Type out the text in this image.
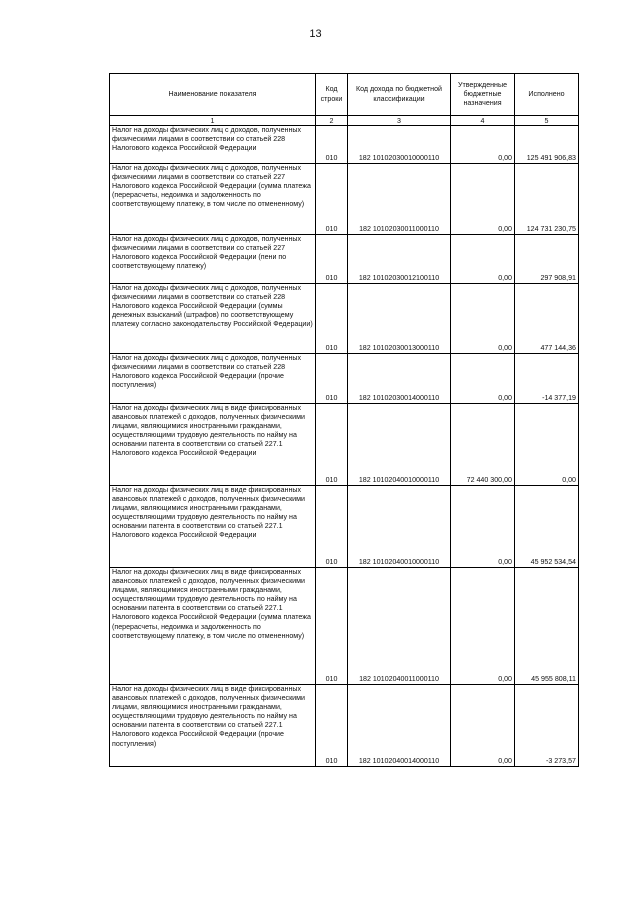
13
Наименование показателя	Код строки	Код дохода по бюджетной классификации	Утвержденные бюджетные назначения	Исполнено
1	2	3	4	5
Налог на доходы физических лиц с доходов, полученных физическими лицами в соответствии со статьей 228 Налогового кодекса Российской Федерации	010	182 10102030010000110	0,00	125 491 906,83
Налог на доходы физических лиц с доходов, полученных физическими лицами в соответствии со статьей 227 Налогового кодекса Российской Федерации (сумма платежа (перерасчеты, недоимка и задолженность по соответствующему платежу, в том числе по отмененному)	010	182 10102030011000110	0,00	124 731 230,75
Налог на доходы физических лиц с доходов, полученных физическими лицами в соответствии со статьей 227 Налогового кодекса Российской Федерации (пени по соответствующему платежу)	010	182 10102030012100110	0,00	297 908,91
Налог на доходы физических лиц с доходов, полученных физическими лицами в соответствии со статьей 228 Налогового кодекса Российской Федерации (суммы денежных взысканий (штрафов) по соответствующему платежу согласно законодательству Российской Федерации)	010	182 10102030013000110	0,00	477 144,36
Налог на доходы физических лиц с доходов, полученных физическими лицами в соответствии со статьей 228 Налогового кодекса Российской Федерации (прочие поступления)	010	182 10102030014000110	0,00	-14 377,19
Налог на доходы физических лиц в виде фиксированных авансовых платежей с доходов, полученных физическими лицами, являющимися иностранными гражданами, осуществляющими трудовую деятельность по найму на основании патента в соответствии со статьей 227.1 Налогового кодекса Российской Федерации	010	182 10102040010000110	72 440 300,00	0,00
Налог на доходы физических лиц в виде фиксированных авансовых платежей с доходов, полученных физическими лицами, являющимися иностранными гражданами, осуществляющими трудовую деятельность по найму на основании патента в соответствии со статьей 227.1 Налогового кодекса Российской Федерации	010	182 10102040010000110	0,00	45 952 534,54
Налог на доходы физических лиц в виде фиксированных авансовых платежей с доходов, полученных физическими лицами, являющимися иностранными гражданами, осуществляющими трудовую деятельность по найму на основании патента в соответствии со статьей 227.1 Налогового кодекса Российской Федерации (сумма платежа (перерасчеты, недоимка и задолженность по соответствующему платежу, в том числе по отмененному)	010	182 10102040011000110	0,00	45 955 808,11
Налог на доходы физических лиц в виде фиксированных авансовых платежей с доходов, полученных физическими лицами, являющимися иностранными гражданами, осуществляющими трудовую деятельность по найму на основании патента в соответствии со статьей 227.1 Налогового кодекса Российской Федерации (прочие поступления)	010	182 10102040014000110	0,00	-3 273,57
